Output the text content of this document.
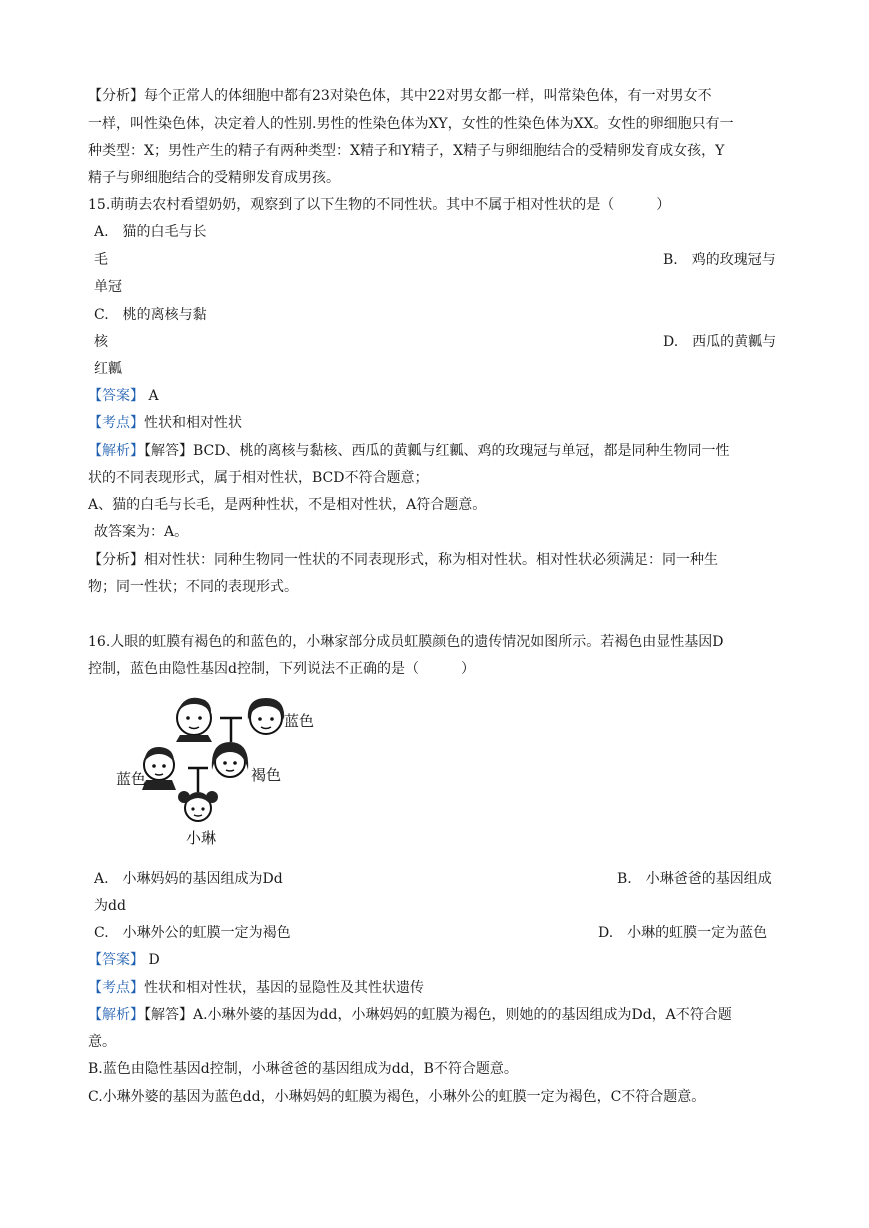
【分析】每个正常人的体细胞中都有23对染色体，其中22对男女都一样，叫常染色体，有一对男女不
一样，叫性染色体，决定着人的性别.男性的性染色体为XY，女性的性染色体为XX。女性的卵细胞只有一
种类型：X；男性产生的精子有两种类型：X精子和Y精子，X精子与卵细胞结合的受精卵发育成女孩，Y
精子与卵细胞结合的受精卵发育成男孩。
15.萌萌去农村看望奶奶，观察到了以下生物的不同性状。其中不属于相对性状的是（　　　）
A.　猫的白毛与长
毛	B.　鸡的玫瑰冠与
单冠
C.　桃的离核与黏
核	D.　西瓜的黄瓤与
红瓤
【答案】 A
【考点】性状和相对性状
【解析】【解答】BCD、桃的离核与黏核、西瓜的黄瓤与红瓤、鸡的玫瑰冠与单冠，都是同种生物同一性
状的不同表现形式，属于相对性状，BCD不符合题意；
A、猫的白毛与长毛，是两种性状，不是相对性状，A符合题意。
故答案为：A。
【分析】相对性状：同种生物同一性状的不同表现形式，称为相对性状。相对性状必须满足：同一种生
物；同一性状；不同的表现形式。
16.人眼的虹膜有褐色的和蓝色的，小琳家部分成员虹膜颜色的遗传情况如图所示。若褐色由显性基因D
控制，蓝色由隐性基因d控制，下列说法不正确的是（　　　）
蓝色
蓝色	褐色
小琳
A.　小琳妈妈的基因组成为Dd	B.　小琳爸爸的基因组成
为dd
C.　小琳外公的虹膜一定为褐色	D.　小琳的虹膜一定为蓝色
【答案】 D
【考点】性状和相对性状，基因的显隐性及其性状遗传
【解析】【解答】A.小琳外婆的基因为dd，小琳妈妈的虹膜为褐色，则她的的基因组成为Dd，A不符合题
意。
B.蓝色由隐性基因d控制，小琳爸爸的基因组成为dd，B不符合题意。
C.小琳外婆的基因为蓝色dd，小琳妈妈的虹膜为褐色，小琳外公的虹膜一定为褐色，C不符合题意。
